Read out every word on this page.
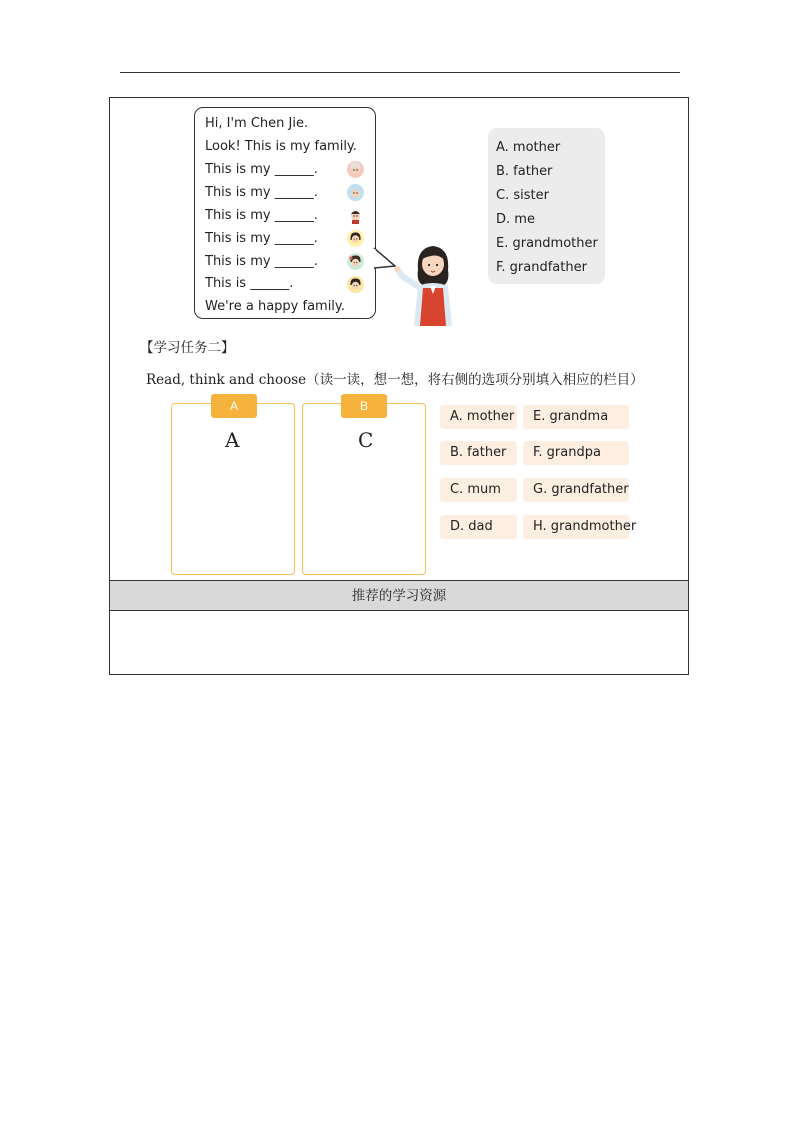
Hi, I'm Chen Jie.
Look! This is my family.
This is my ______.
This is my ______.
This is my ______.
This is my ______.
This is my ______.
This is ______.
We're a happy family.
A. mother
B. father
C. sister
D. me
E. grandmother
F. grandfather
【学习任务二】
Read, think and choose（读一读，想一想，将右侧的选项分别填入相应的栏目）
A
A
B
C
A. mother
B. father
C. mum
D. dad
E. grandma
F. grandpa
G. grandfather
H. grandmother
推荐的学习资源
